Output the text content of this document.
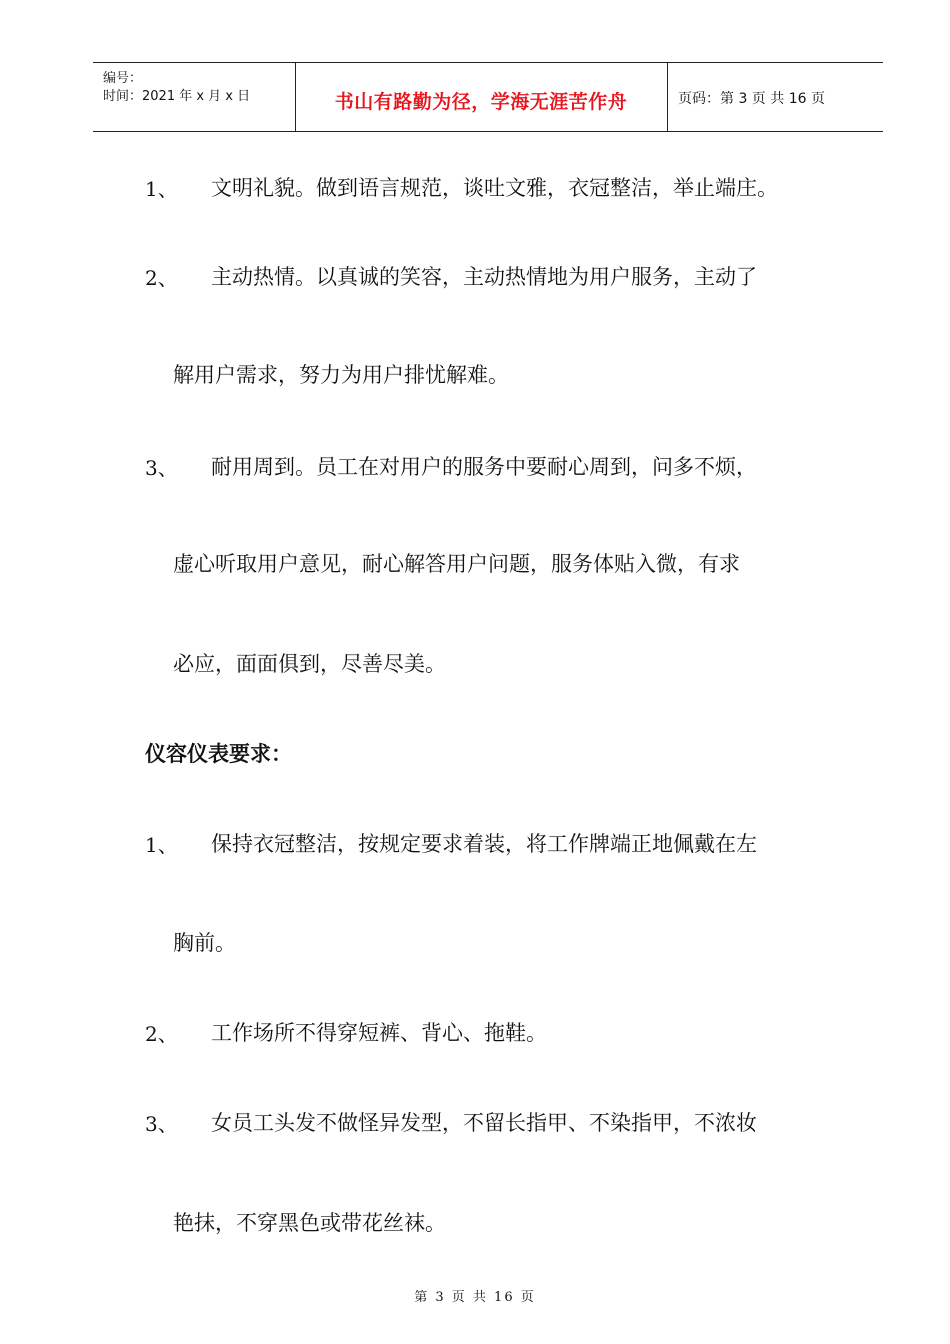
编号：
时间：2021 年 x 月 x 日	书山有路勤为径，学海无涯苦作舟	页码：第 3 页 共 16 页
1、 文明礼貌。做到语言规范，谈吐文雅，衣冠整洁，举止端庄。
2、 主动热情。以真诚的笑容，主动热情地为用户服务，主动了
解用户需求，努力为用户排忧解难。
3、 耐用周到。员工在对用户的服务中要耐心周到，问多不烦，
虚心听取用户意见，耐心解答用户问题，服务体贴入微，有求
必应，面面俱到，尽善尽美。
仪容仪表要求：
1、 保持衣冠整洁，按规定要求着装，将工作牌端正地佩戴在左
胸前。
2、 工作场所不得穿短裤、背心、拖鞋。
3、 女员工头发不做怪异发型，不留长指甲、不染指甲，不浓妆
艳抹，不穿黑色或带花丝袜。
第 3 页 共 16 页
